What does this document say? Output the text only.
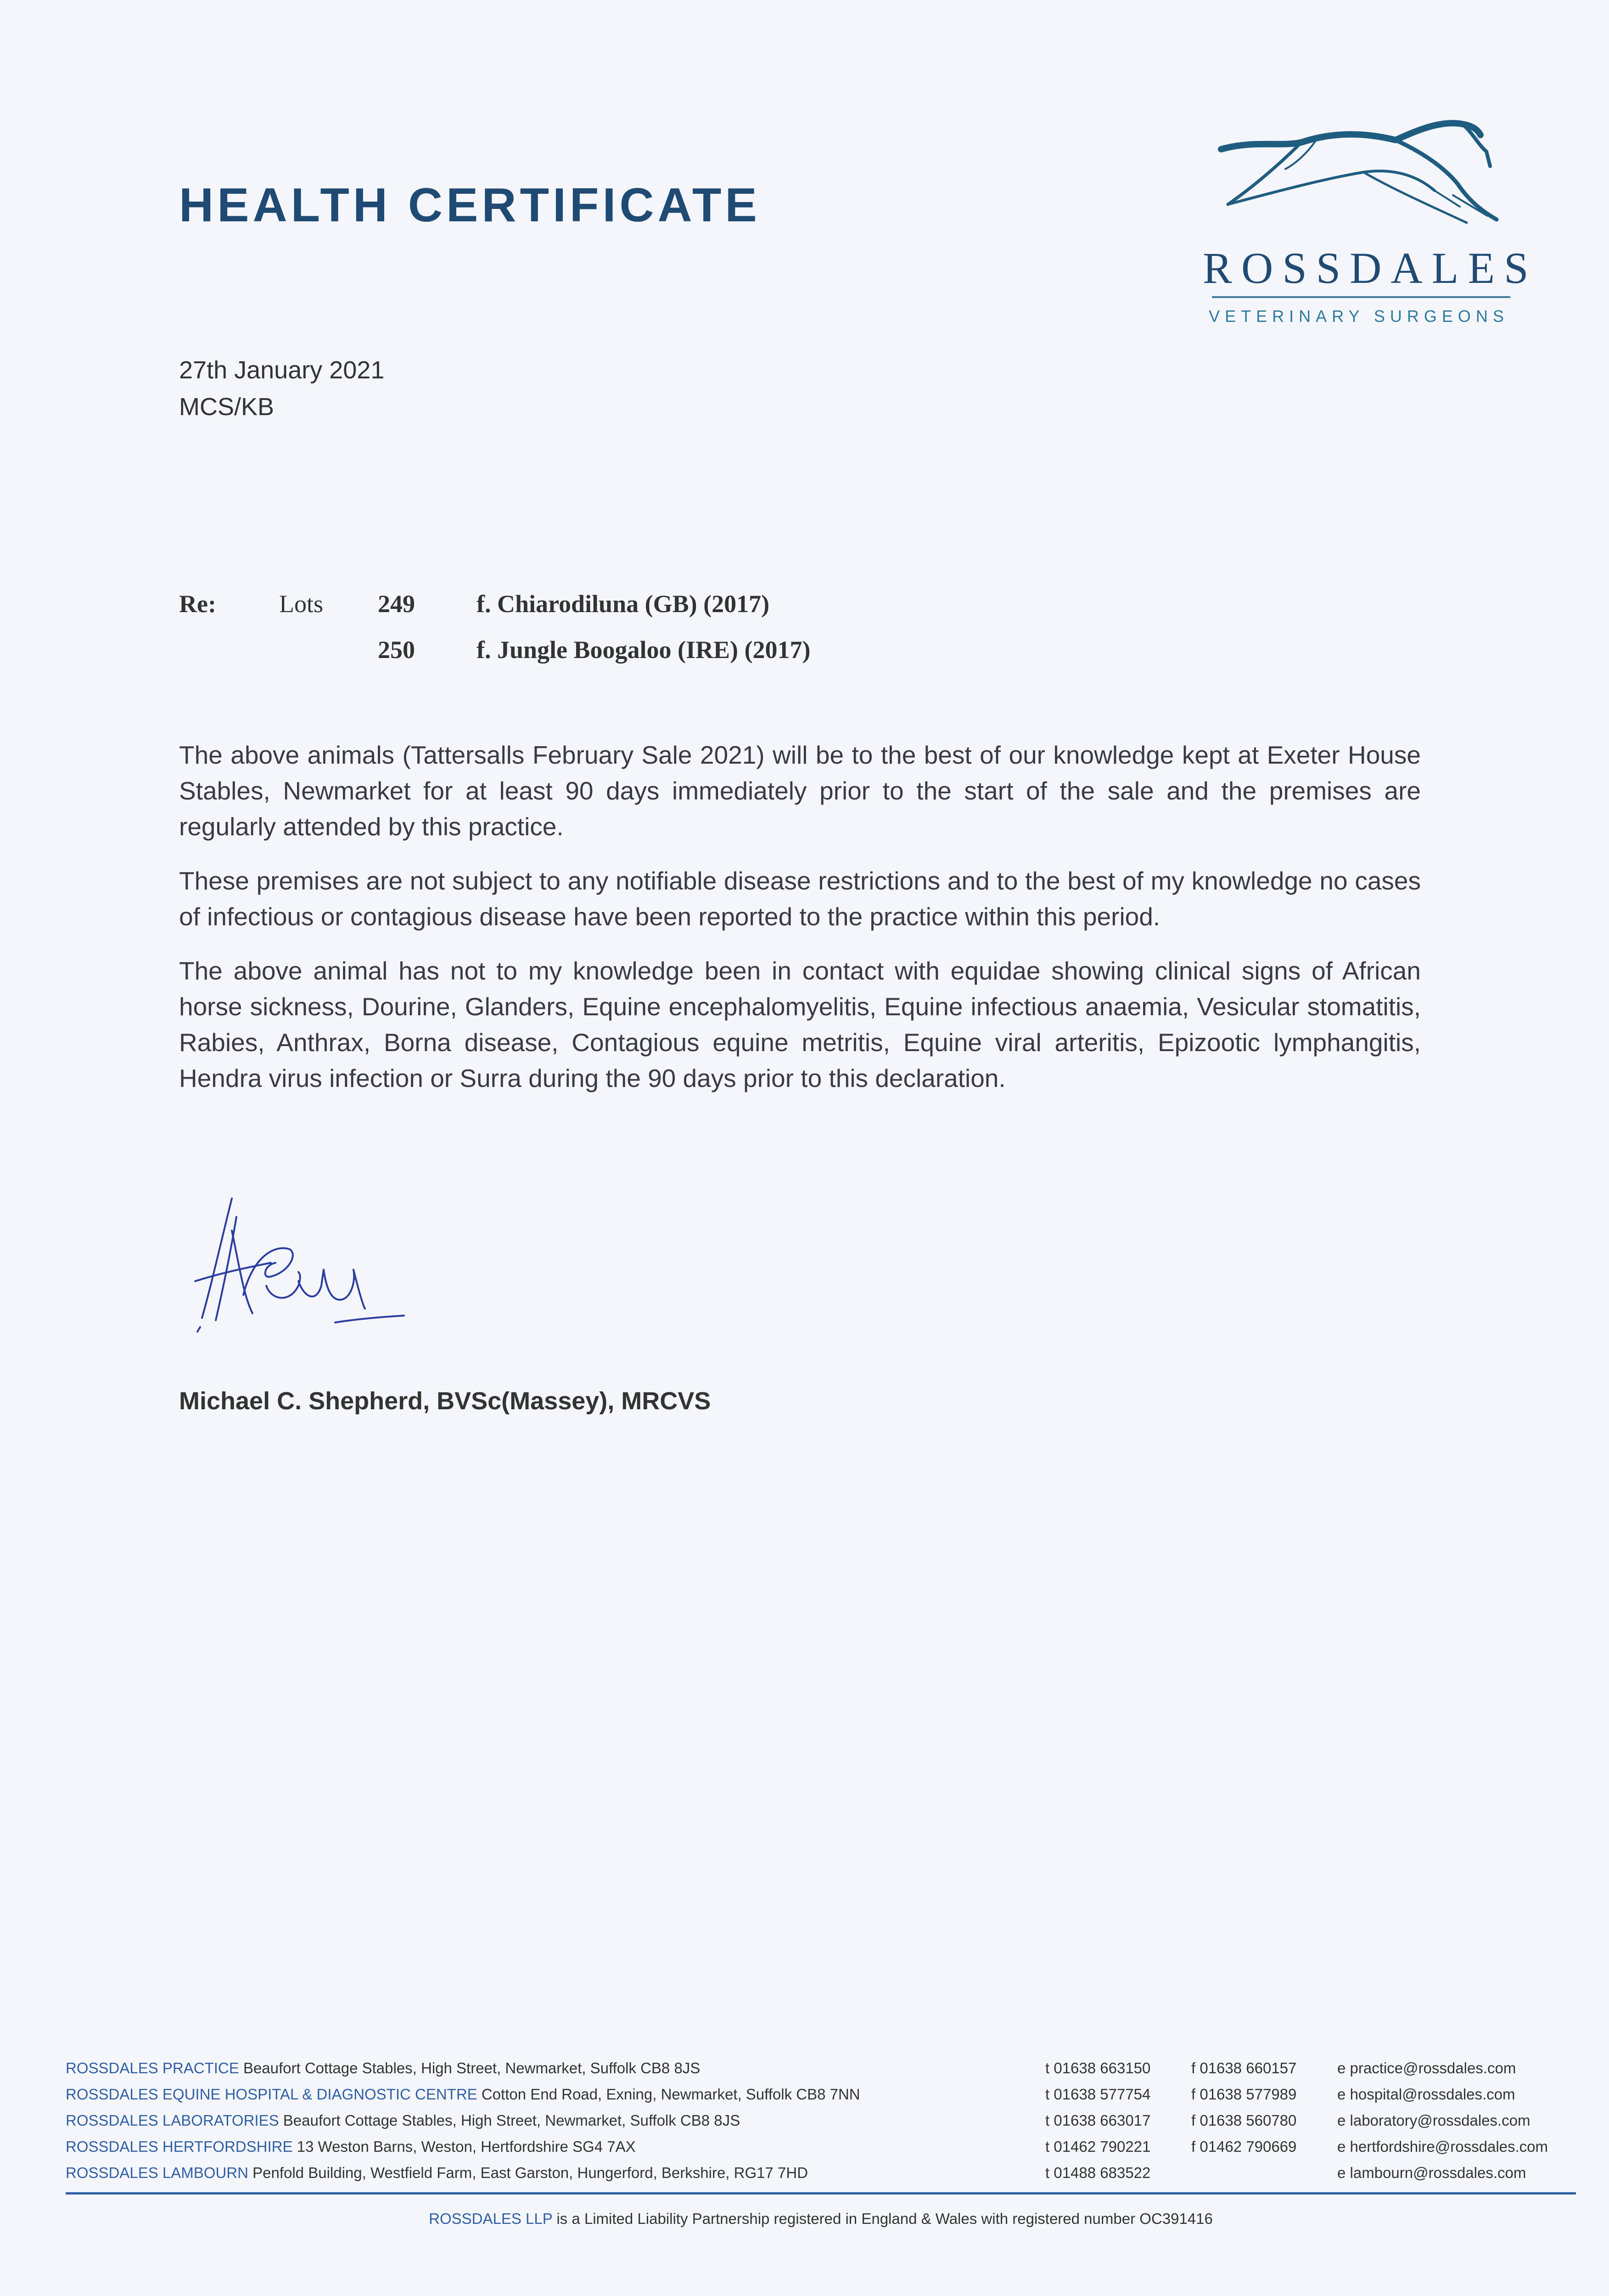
HEALTH CERTIFICATE
ROSSDALES
VETERINARY SURGEONS
27th January 2021
MCS/KB
Re:	Lots	249	f. Chiarodiluna (GB) (2017)
		250	f. Jungle Boogaloo (IRE) (2017)

The above animals (Tattersalls February Sale 2021) will be to the best of our knowledge kept at Exeter House Stables, Newmarket for at least 90 days immediately prior to the start of the sale and the premises are regularly attended by this practice.

These premises are not subject to any notifiable disease restrictions and to the best of my knowledge no cases of infectious or contagious disease have been reported to the practice within this period.

The above animal has not to my knowledge been in contact with equidae showing clinical signs of African horse sickness, Dourine, Glanders, Equine encephalomyelitis, Equine infectious anaemia, Vesicular stomatitis, Rabies, Anthrax, Borna disease, Contagious equine metritis, Equine viral arteritis, Epizootic lymphangitis, Hendra virus infection or Surra during the 90 days prior to this declaration.

Michael C. Shepherd, BVSc(Massey), MRCVS
ROSSDALES PRACTICE Beaufort Cottage Stables, High Street, Newmarket, Suffolk CB8 8JS	t 01638 663150	f 01638 660157	e practice@rossdales.com
ROSSDALES EQUINE HOSPITAL & DIAGNOSTIC CENTRE Cotton End Road, Exning, Newmarket, Suffolk CB8 7NN	t 01638 577754	f 01638 577989	e hospital@rossdales.com
ROSSDALES LABORATORIES Beaufort Cottage Stables, High Street, Newmarket, Suffolk CB8 8JS	t 01638 663017	f 01638 560780	e laboratory@rossdales.com
ROSSDALES HERTFORDSHIRE 13 Weston Barns, Weston, Hertfordshire SG4 7AX	t 01462 790221	f 01462 790669	e hertfordshire@rossdales.com
ROSSDALES LAMBOURN Penfold Building, Westfield Farm, East Garston, Hungerford, Berkshire, RG17 7HD	t 01488 683522		e lambourn@rossdales.com
ROSSDALES LLP is a Limited Liability Partnership registered in England & Wales with registered number OC391416
